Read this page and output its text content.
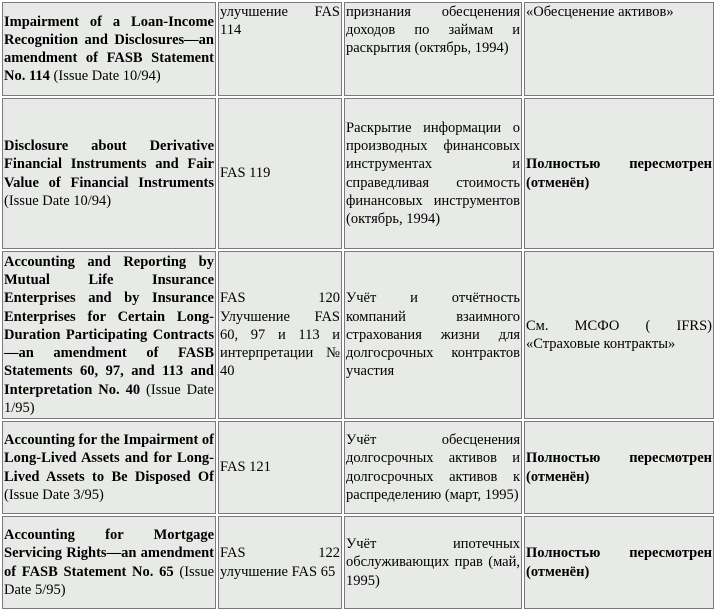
Impairment of a Loan-Income Recognition and Disclosures—an amendment of FASB Statement No. 114 (Issue Date 10/94)	улучшение FAS 114	признания обесценения доходов по займам и раскрытия (октябрь, 1994)	«Обесценение активов»
Disclosure about Derivative Financial Instruments and Fair Value of Financial Instruments (Issue Date 10/94)	FAS 119	Раскрытие информации о производных финансовых инструментах и справедливая стоимость финансовых инструментов (октябрь, 1994)	Полностью пересмотрен (отменён)
Accounting and Reporting by Mutual Life Insurance Enterprises and by Insurance Enterprises for Certain Long-Duration Participating Contracts—an amendment of FASB Statements 60, 97, and 113 and Interpretation No. 40 (Issue Date 1/95)	FAS 120 Улучшение FAS 60, 97 и 113 и интерпретации № 40	Учёт и отчётность компаний взаимного страхования жизни для долгосрочных контрактов участия	См. МСФО ( IFRS) «Страховые контракты»
Accounting for the Impairment of Long-Lived Assets and for Long-Lived Assets to Be Disposed Of (Issue Date 3/95)	FAS 121	Учёт обесценения долгосрочных активов и долгосрочных активов к распределению (март, 1995)	Полностью пересмотрен (отменён)
Accounting for Mortgage Servicing Rights—an amendment of FASB Statement No. 65 (Issue Date 5/95)	FAS 122 улучшение FAS 65	Учёт ипотечных обслуживающих прав (май, 1995)	Полностью пересмотрен (отменён)
